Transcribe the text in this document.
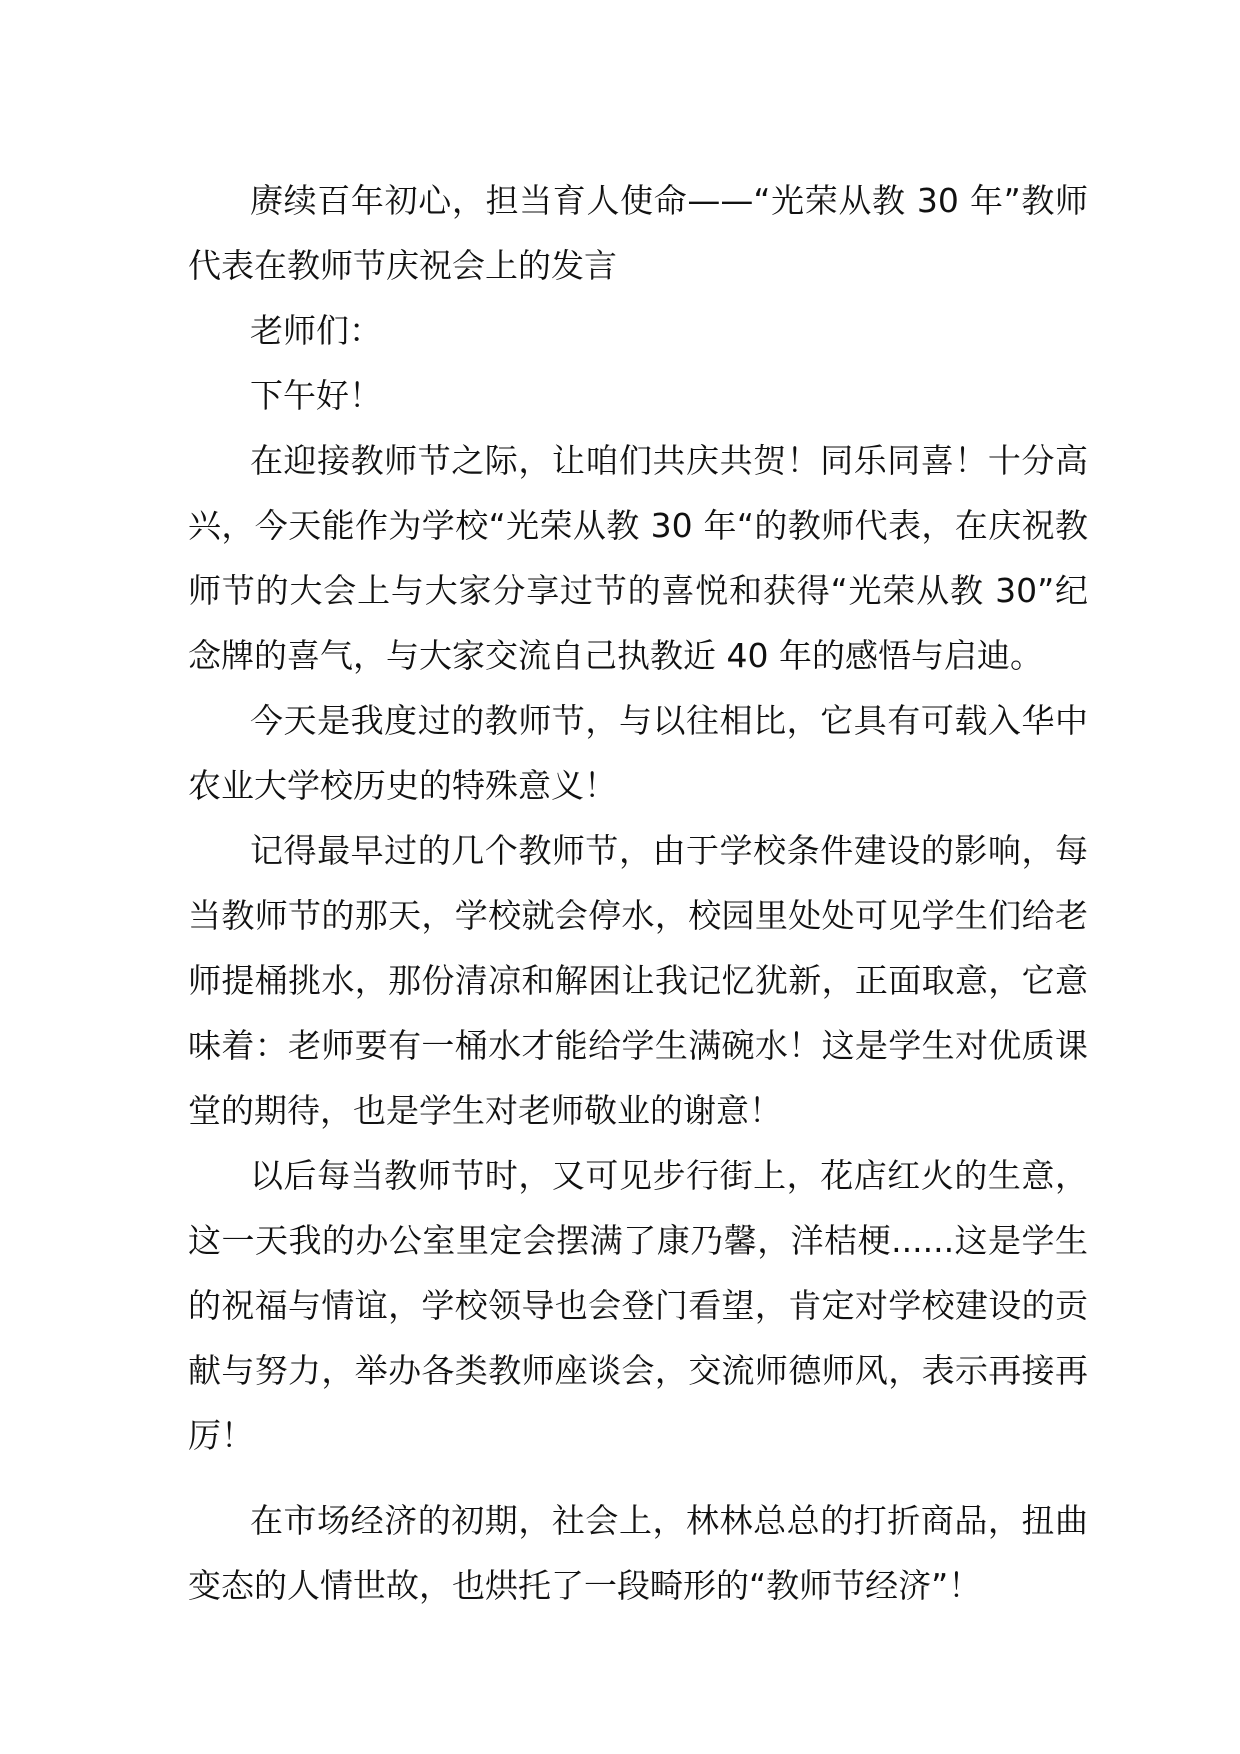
赓续百年初心，担当育人使命——“光荣从教 30 年”教师代表在教师节庆祝会上的发言

老师们：

下午好！

在迎接教师节之际，让咱们共庆共贺！同乐同喜！十分高兴，今天能作为学校“光荣从教 30 年“的教师代表，在庆祝教师节的大会上与大家分享过节的喜悦和获得“光荣从教 30”纪念牌的喜气，与大家交流自己执教近 40 年的感悟与启迪。

今天是我度过的教师节，与以往相比，它具有可载入华中农业大学校历史的特殊意义！

记得最早过的几个教师节，由于学校条件建设的影响，每当教师节的那天，学校就会停水，校园里处处可见学生们给老师提桶挑水，那份清凉和解困让我记忆犹新，正面取意，它意味着：老师要有一桶水才能给学生满碗水！这是学生对优质课堂的期待，也是学生对老师敬业的谢意！

以后每当教师节时，又可见步行街上，花店红火的生意，这一天我的办公室里定会摆满了康乃馨，洋桔梗......这是学生的祝福与情谊，学校领导也会登门看望，肯定对学校建设的贡献与努力，举办各类教师座谈会，交流师德师风，表示再接再厉！

在市场经济的初期，社会上，林林总总的打折商品，扭曲变态的人情世故，也烘托了一段畸形的“教师节经济”！
